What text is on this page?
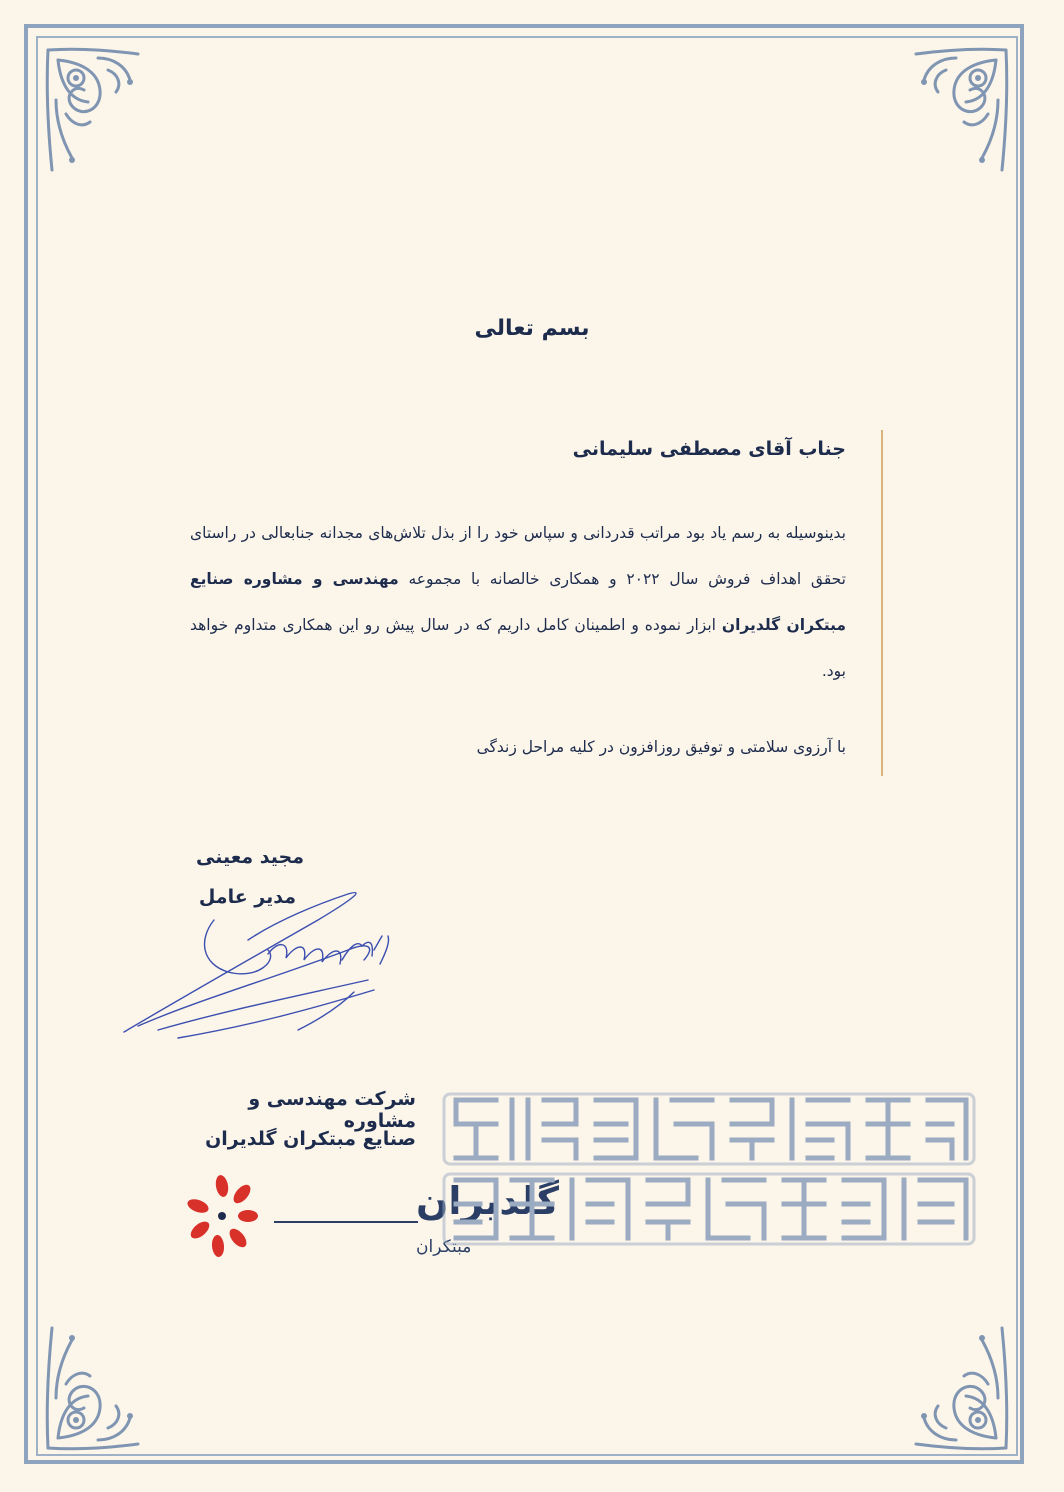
بسم تعالی
جناب آقای مصطفی سلیمانی
بدینوسیله به رسم یاد بود مراتب قدردانی و سپاس خود را از بذل تلاش‌های مجدانه جنابعالی در راستای تحقق اهداف فروش سال ۲۰۲۲ و همکاری خالصانه با مجموعه مهندسی و مشاوره صنایع مبتکران گلدیران ابزار نموده و اطمینان کامل داریم که در سال پیش رو این همکاری متداوم خواهد بود.
با آرزوی سلامتی و توفیق روزافزون در کلیه مراحل زندگی
مجید معینی
مدیر عامل
شرکت مهندسی و مشاوره
صنایع مبتکران گلدیران
گلدیران
مبتکران
